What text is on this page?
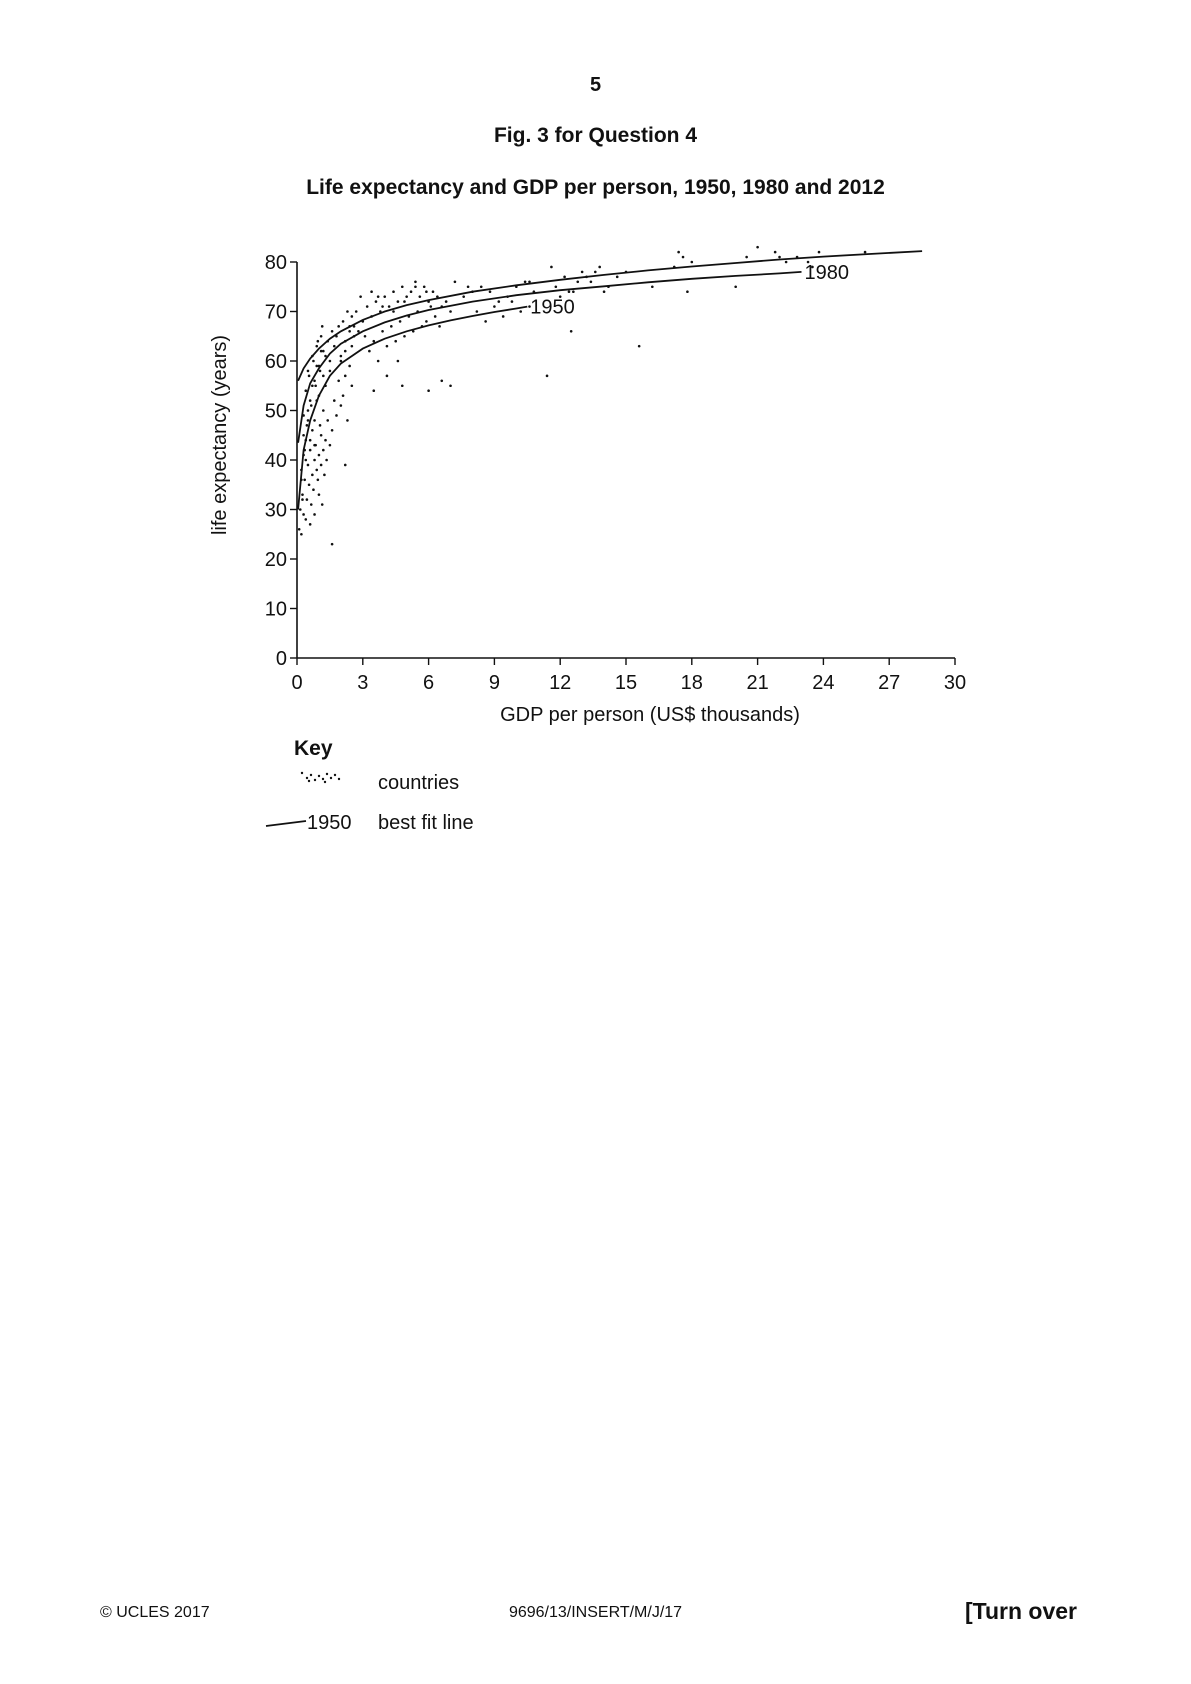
5
Fig. 3 for Question 4
Life expectancy and GDP per person, 1950, 1980 and 2012
0	3	6	9 12 15 18 21 24 27 30
0
10
20
30
40
50
60
70
80
1950
1980
GDP per person (US$ thousands)
life expectancy (years)
Key
countries
1950 best fit line
© UCLES 2017	9696/13/INSERT/M/J/17	[Turn over
